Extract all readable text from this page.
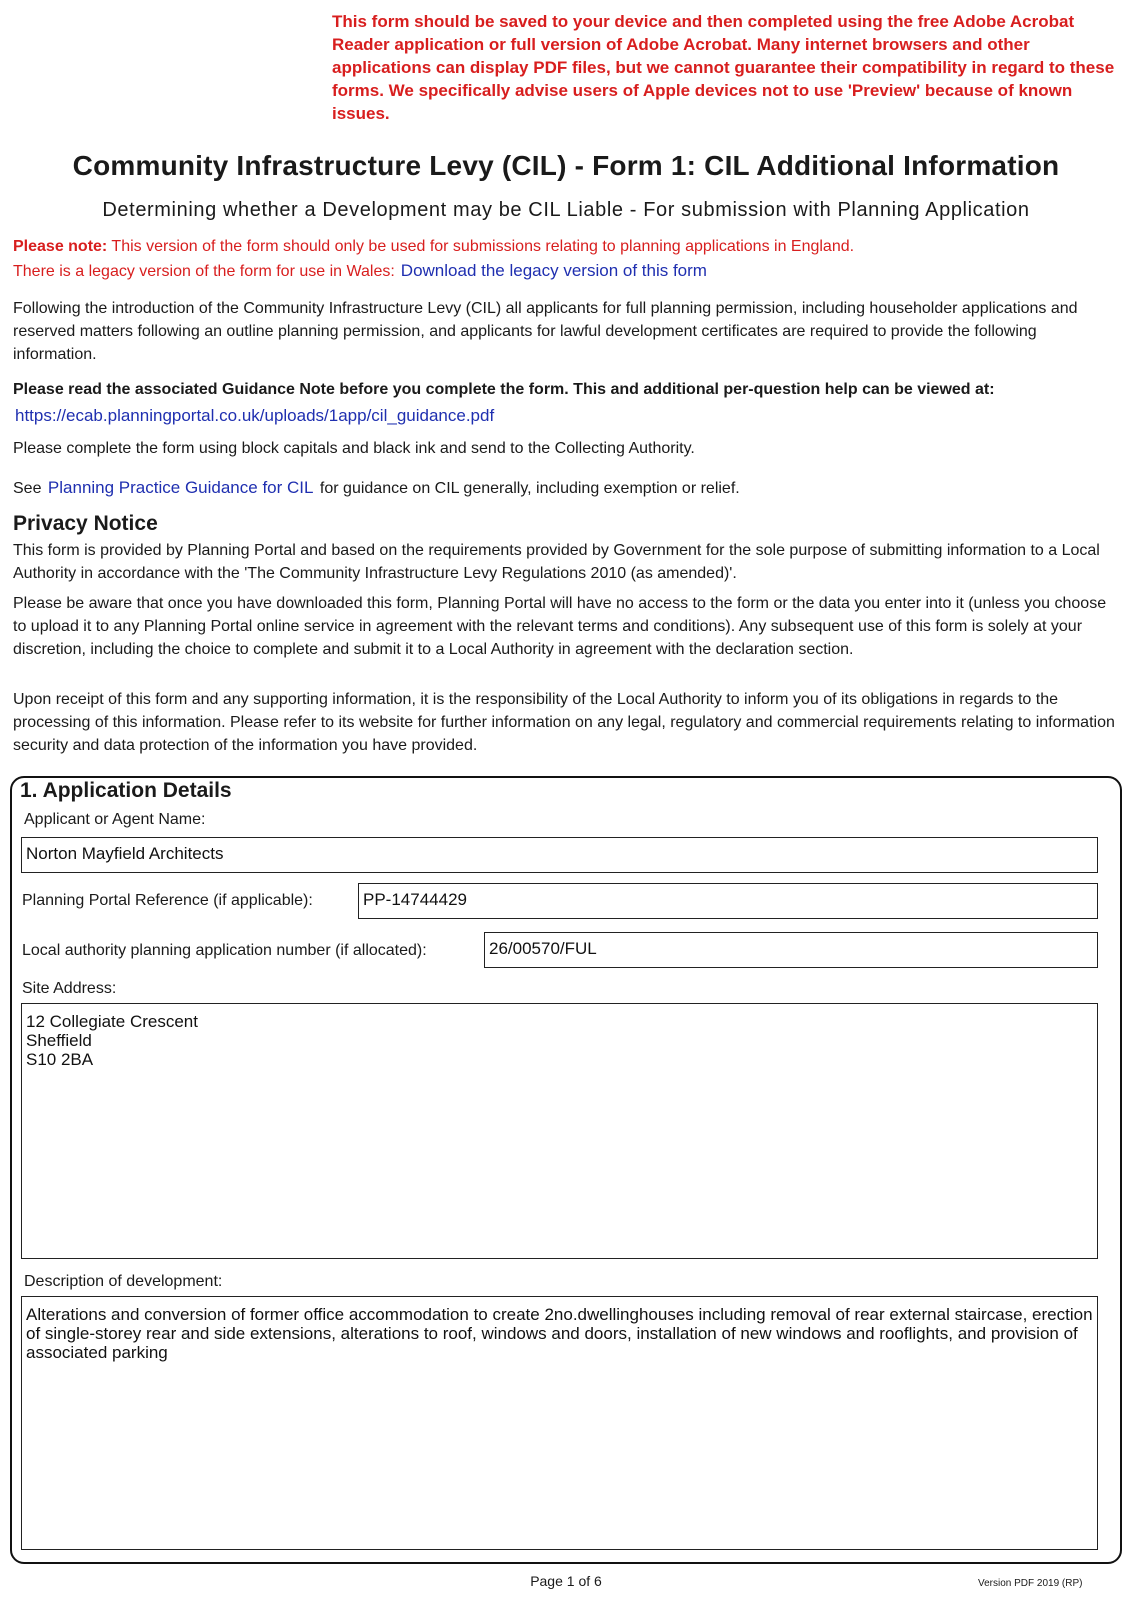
This form should be saved to your device and then completed using the free Adobe Acrobat Reader application or full version of Adobe Acrobat. Many internet browsers and other applications can display PDF files, but we cannot guarantee their compatibility in regard to these forms. We specifically advise users of Apple devices not to use 'Preview' because of known issues.
Community Infrastructure Levy (CIL) - Form 1: CIL Additional Information
Determining whether a Development may be CIL Liable - For submission with Planning Application
Please note: This version of the form should only be used for submissions relating to planning applications in England.
There is a legacy version of the form for use in Wales: Download the legacy version of this form
Following the introduction of the Community Infrastructure Levy (CIL) all applicants for full planning permission, including householder applications and reserved matters following an outline planning permission, and applicants for lawful development certificates are required to provide the following information.
Please read the associated Guidance Note before you complete the form. This and additional per-question help can be viewed at:
https://ecab.planningportal.co.uk/uploads/1app/cil_guidance.pdf
Please complete the form using block capitals and black ink and send to the Collecting Authority.
See Planning Practice Guidance for CIL for guidance on CIL generally, including exemption or relief.
Privacy Notice
This form is provided by Planning Portal and based on the requirements provided by Government for the sole purpose of submitting information to a Local Authority in accordance with the 'The Community Infrastructure Levy Regulations 2010 (as amended)'.
Please be aware that once you have downloaded this form, Planning Portal will have no access to the form or the data you enter into it (unless you choose to upload it to any Planning Portal online service in agreement with the relevant terms and conditions). Any subsequent use of this form is solely at your discretion, including the choice to complete and submit it to a Local Authority in agreement with the declaration section.
Upon receipt of this form and any supporting information, it is the responsibility of the Local Authority to inform you of its obligations in regards to the processing of this information. Please refer to its website for further information on any legal, regulatory and commercial requirements relating to information security and data protection of the information you have provided.
1. Application Details
Applicant or Agent Name:
Norton Mayfield Architects
Planning Portal Reference (if applicable):	PP-14744429
Local authority planning application number (if allocated):	26/00570/FUL
Site Address:
12 Collegiate Crescent
Sheffield
S10 2BA
Description of development:
Alterations and conversion of former office accommodation to create 2no.dwellinghouses including removal of rear external staircase, erection of single-storey rear and side extensions, alterations to roof, windows and doors, installation of new windows and rooflights, and provision of associated parking
Page 1 of 6	Version PDF 2019 (RP)
